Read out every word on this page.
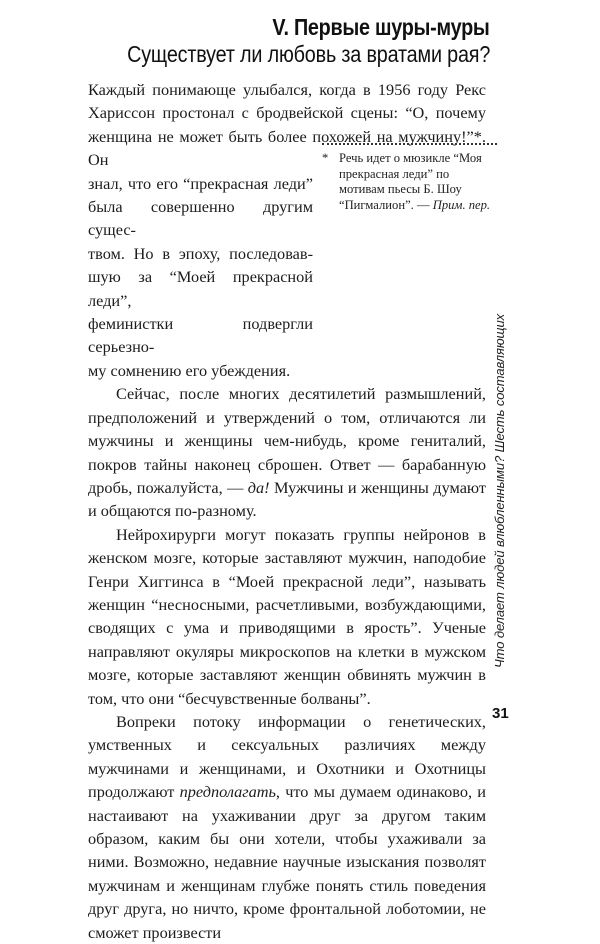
V. Первые шуры-муры
Существует ли любовь за вратами рая?

Каждый понимающе улыбался, когда в 1956 году Рекс
Хариссон простонал с бродвейской сцены: “О, почему
женщина не может быть более похожей на мужчину!”*. Он
знал, что его “прекрасная леди”
была совершенно другим сущес-
твом. Но в эпоху, последовав-
шую за “Моей прекрасной леди”,
феминистки подвергли серьезно-
му сомнению его убеждения.

Сейчас, после многих десятилетий размышлений, предположений и утверждений о том, отличаются ли мужчины и женщины чем-нибудь, кроме гениталий, покров тайны наконец сброшен. Ответ — барабанную дробь, пожалуйста, — да! Мужчины и женщины думают и общаются по-разному.

Нейрохирурги могут показать группы нейронов в женском мозге, которые заставляют мужчин, наподобие Генри Хиггинса в “Моей прекрасной леди”, называть женщин “несносными, расчетливыми, возбуждающими, сводящих с ума и приводящими в ярость”. Ученые направляют окуляры микроскопов на клетки в мужском мозге, которые заставляют женщин обвинять мужчин в том, что они “бесчувственные болваны”.

Вопреки потоку информации о генетических, умственных и сексуальных различиях между мужчинами и женщинами, и Охотники и Охотницы продолжают предполагать, что мы думаем одинаково, и настаивают на ухаживании друг за другом таким образом, каким бы они хотели, чтобы ухаживали за ними. Возможно, недавние научные изыскания позволят мужчинам и женщинам глубже понять стиль поведения друг друга, но ничто, кроме фронтальной лоботомии, не сможет произвести

* Речь идет о мюзикле “Моя прекрасная леди” по мотивам пьесы Б. Шоу “Пигмалион”. — Прим. пер.
Что делает людей влюбленными? Шесть составляющих
31
